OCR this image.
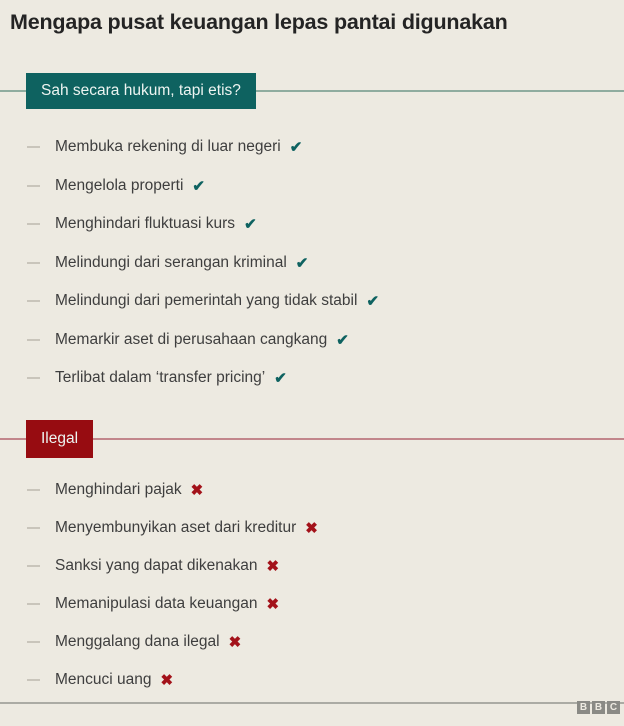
Mengapa pusat keuangan lepas pantai digunakan
Sah secara hukum, tapi etis?
Membuka rekening di luar negeri ✔
Mengelola properti ✔
Menghindari fluktuasi kurs ✔
Melindungi dari serangan kriminal ✔
Melindungi dari pemerintah yang tidak stabil ✔
Memarkir aset di perusahaan cangkang ✔
Terlibat dalam ‘transfer pricing’ ✔
Ilegal
Menghindari pajak ✖
Menyembunyikan aset dari kreditur ✖
Sanksi yang dapat dikenakan ✖
Memanipulasi data keuangan ✖
Menggalang dana ilegal ✖
Mencuci uang ✖
B B C
